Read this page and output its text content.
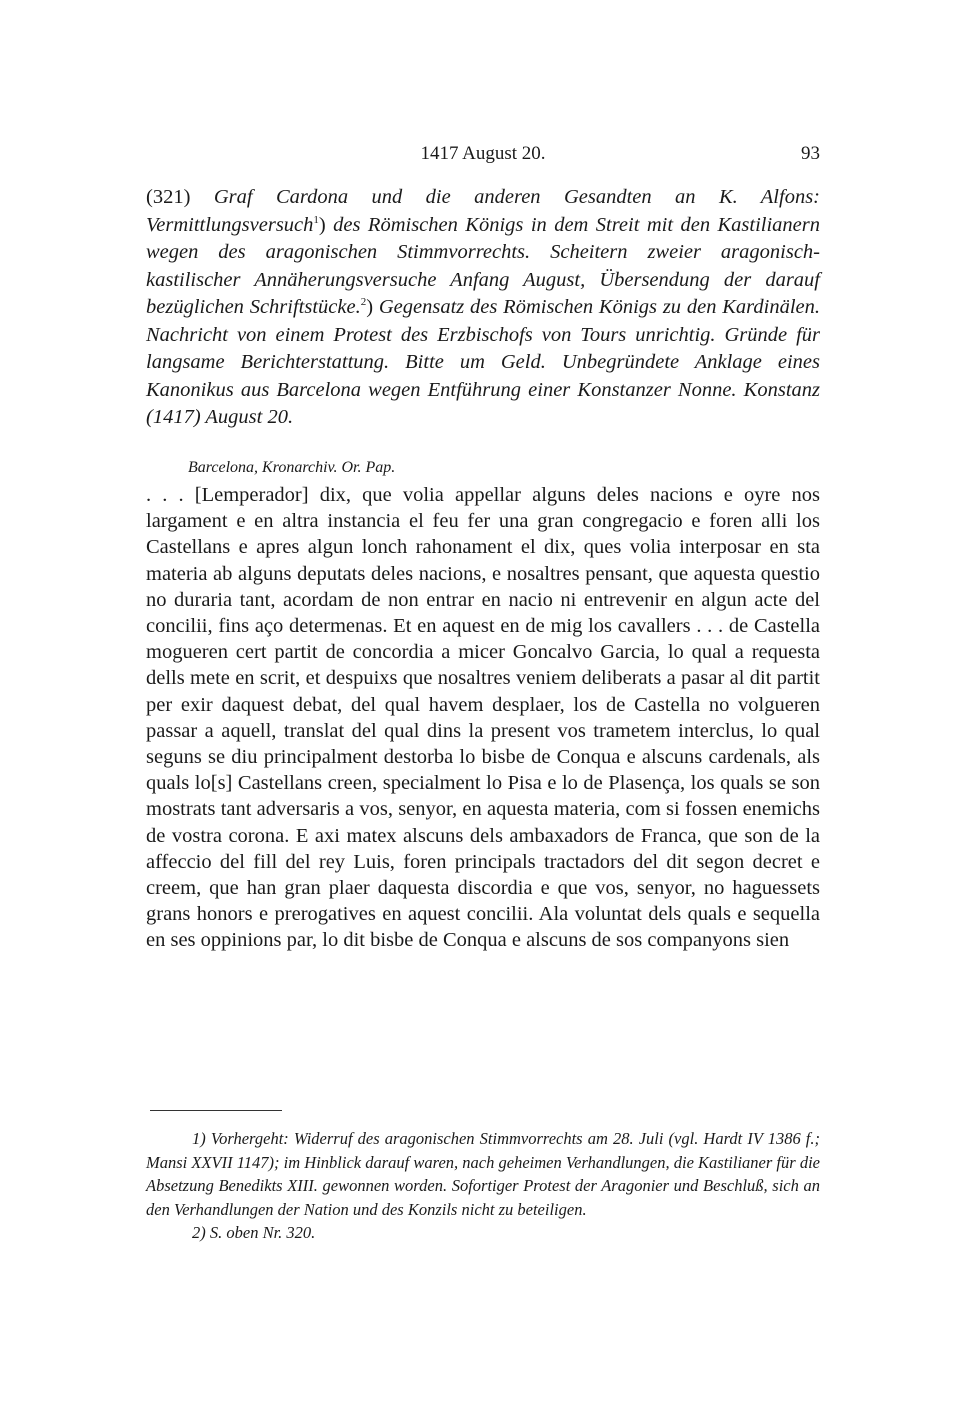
1417 August 20.	93
(321) Graf Cardona und die anderen Gesandten an K. Alfons: Vermittlungsversuch$^1$) des Römischen Königs in dem Streit mit den Kastilianern wegen des aragonischen Stimmvorrechts. Scheitern zweier aragonisch-kastilischer Annäherungsversuche Anfang August, Übersendung der darauf bezüglichen Schriftstücke.$^2$) Gegensatz des Römischen Königs zu den Kardinälen. Nachricht von einem Protest des Erzbischofs von Tours unrichtig. Gründe für langsame Berichterstattung. Bitte um Geld. Unbegründete Anklage eines Kanonikus aus Barcelona wegen Entführung einer Konstanzer Nonne. Konstanz (1417) August 20.
Barcelona, Kronarchiv. Or. Pap.

. . . [Lemperador] dix, que volia appellar alguns deles nacions e oyre nos largament e en altra instancia el feu fer una gran congregacio e foren alli los Castellans e apres algun lonch rahonament el dix, ques volia interposar en sta materia ab alguns deputats deles nacions, e nosaltres pensant, que aquesta questio no duraria tant, acordam de non entrar en nacio ni entrevenir en algun acte del concilii, fins aço determenas. Et en aquest en de mig los cavallers . . . de Castella mogueren cert partit de concordia a micer Goncalvo Garcia, lo qual a requesta dells mete en scrit, et despuixs que nosaltres veniem deliberats a pasar al dit partit per exir daquest debat, del qual havem desplaer, los de Castella no volgueren passar a aquell, translat del qual dins la present vos trametem interclus, lo qual seguns se diu principalment destorba lo bisbe de Conqua e alscuns cardenals, als quals lo[s] Castellans creen, specialment lo Pisa e lo de Plasença, los quals se son mostrats tant adversaris a vos, senyor, en aquesta materia, com si fossen enemichs de vostra corona. E axi matex alscuns dels ambaxadors de Franca, que son de la affeccio del fill del rey Luis, foren principals tractadors del dit segon decret e creem, que han gran plaer daquesta discordia e que vos, senyor, no haguessets grans honors e prerogatives en aquest concilii. Ala voluntat dels quals e sequella en ses oppinions par, lo dit bisbe de Conqua e alscuns de sos companyons sien

1) Vorhergeht: Widerruf des aragonischen Stimmvorrechts am 28. Juli (vgl. Hardt IV 1386 f.; Mansi XXVII 1147); im Hinblick darauf waren, nach geheimen Verhandlungen, die Kastilianer für die Absetzung Benedikts XIII. gewonnen worden. Sofortiger Protest der Aragonier und Beschluß, sich an den Verhandlungen der Nation und des Konzils nicht zu beteiligen.

2) S. oben Nr. 320.
